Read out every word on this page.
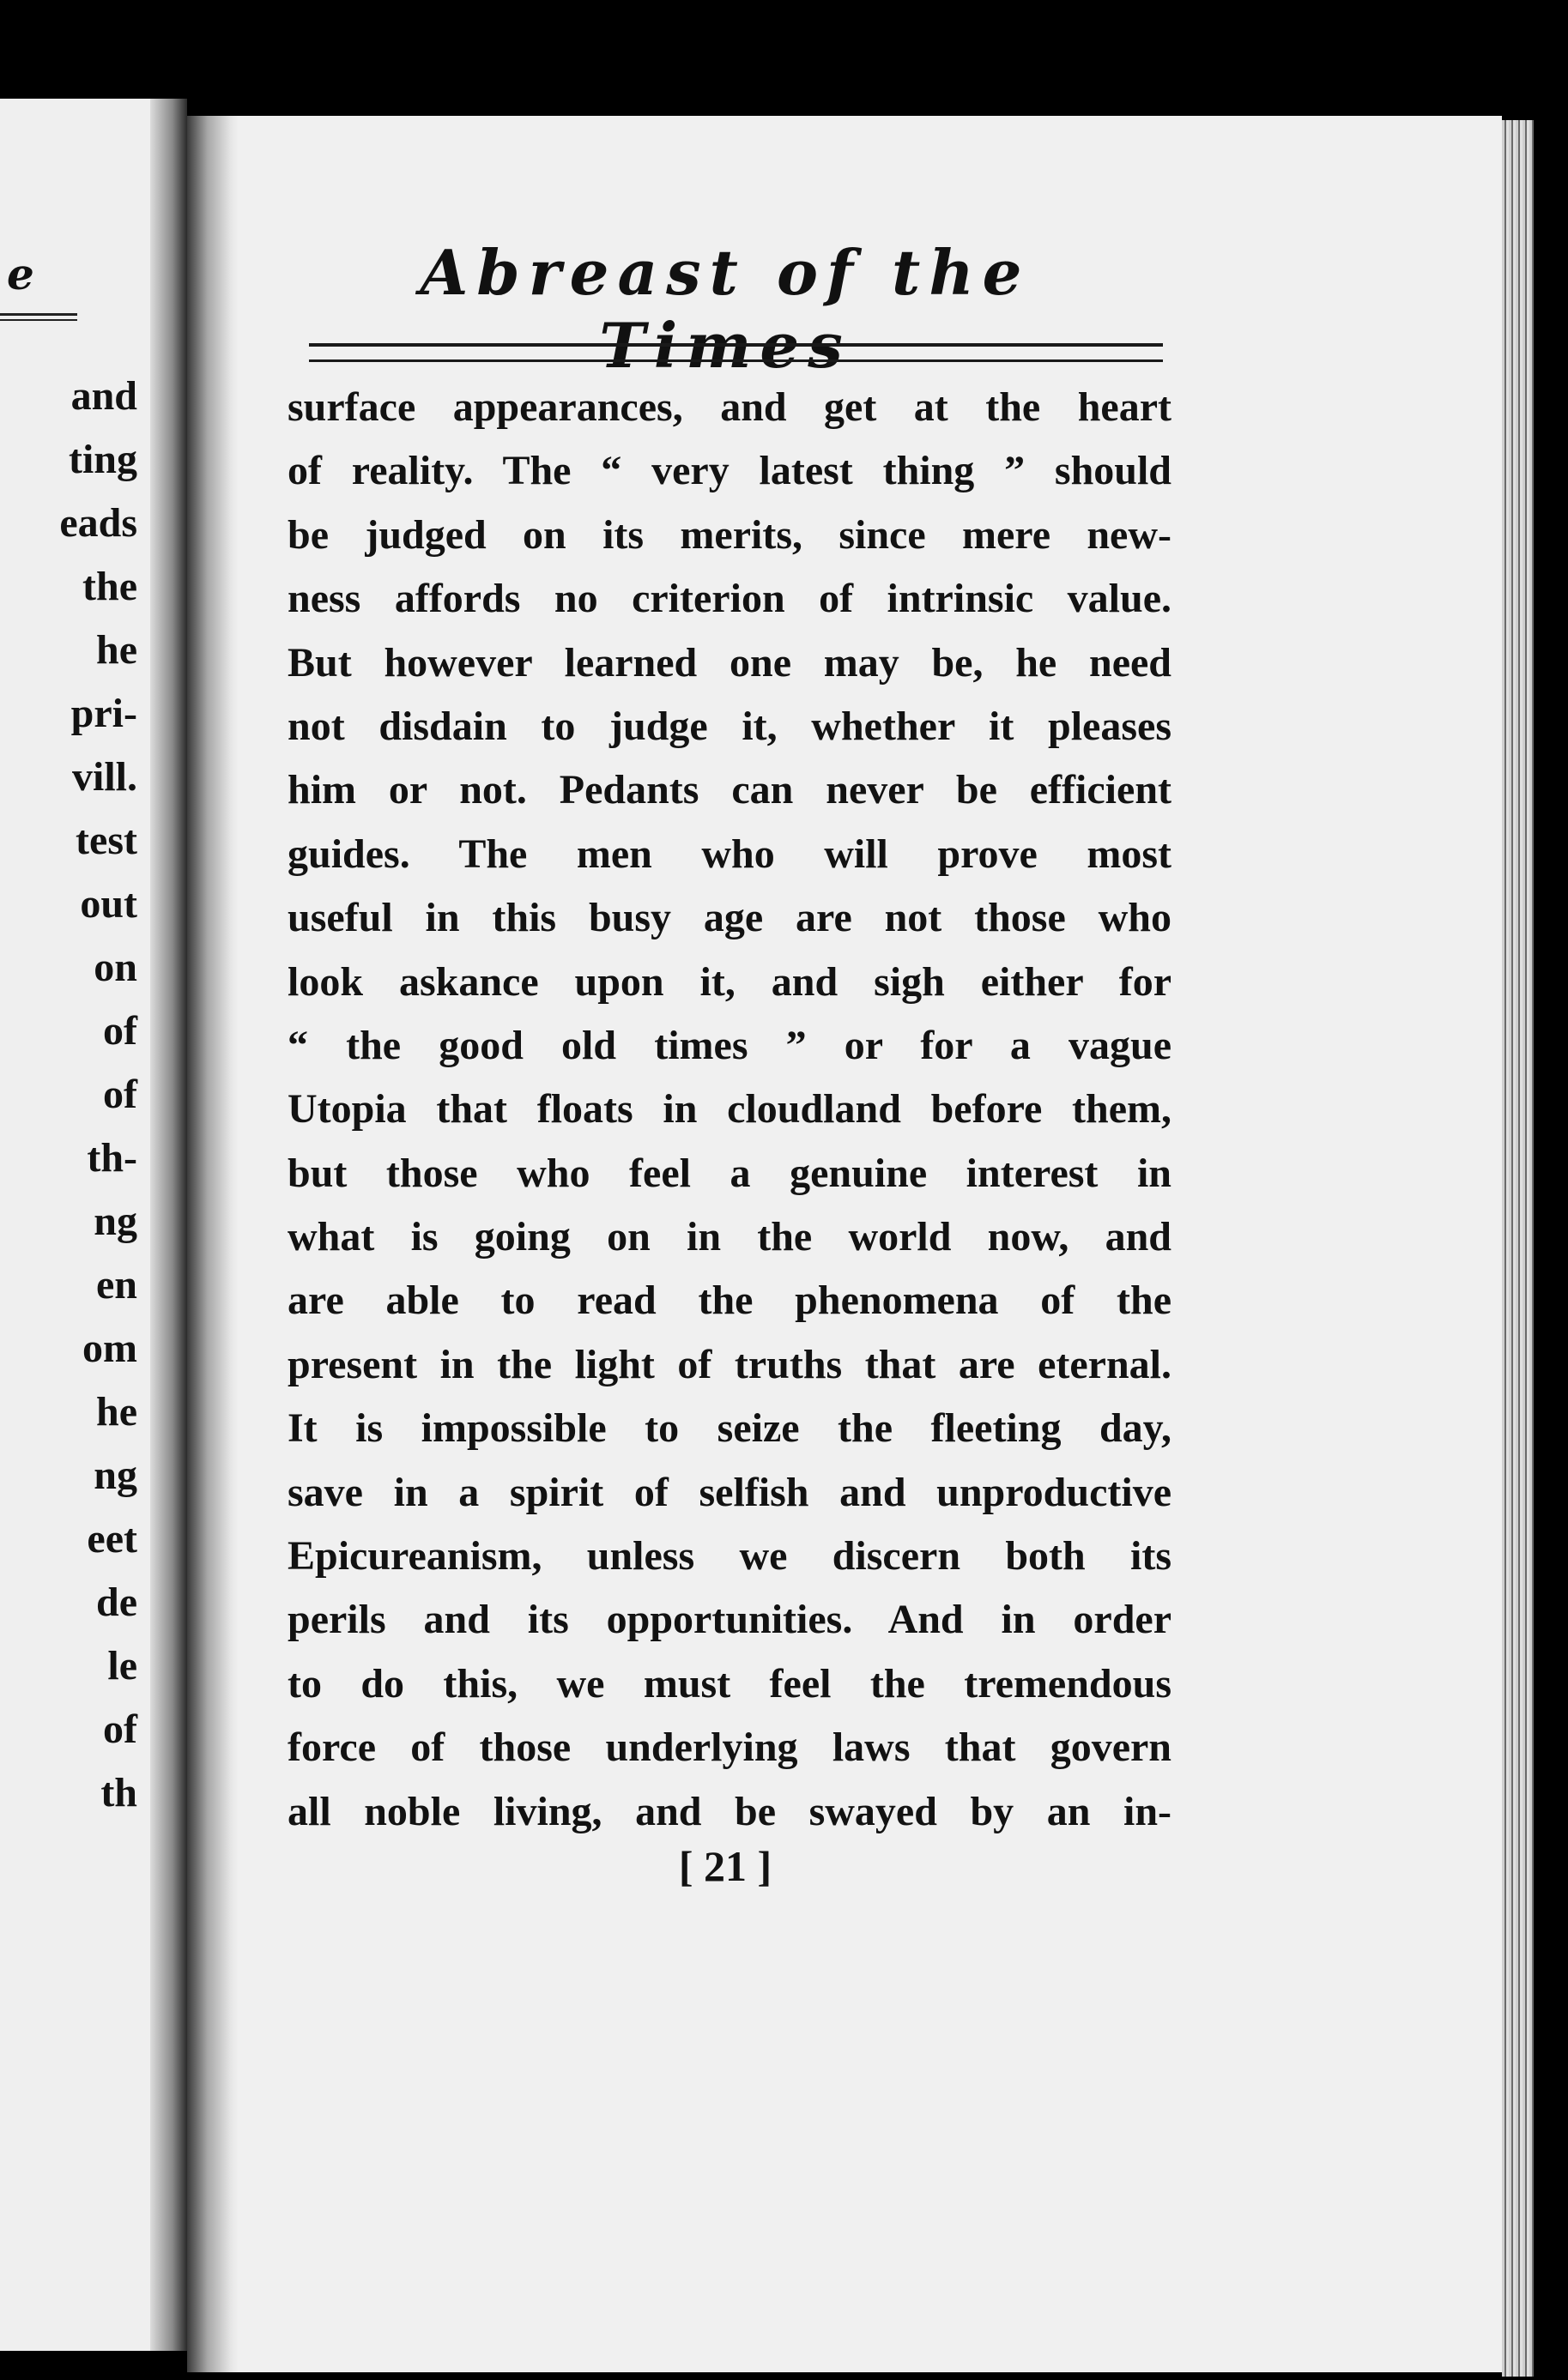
e

and
ting
eads
the
he
pri-
vill.
test
out
on
of
of
th-
ng
en
om
he
ng
eet
de
le
of
th
Abreast of the Times
surface appearances, and get at the heart
of reality. The “ very latest thing ” should
be judged on its merits, since mere new-
ness affords no criterion of intrinsic value.
But however learned one may be, he need
not disdain to judge it, whether it pleases
him or not. Pedants can never be efficient
guides. The men who will prove most
useful in this busy age are not those who
look askance upon it, and sigh either for
“ the good old times ” or for a vague
Utopia that floats in cloudland before them,
but those who feel a genuine interest in
what is going on in the world now, and
are able to read the phenomena of the
present in the light of truths that are eternal.
It is impossible to seize the fleeting day,
save in a spirit of selfish and unproductive
Epicureanism, unless we discern both its
perils and its opportunities. And in order
to do this, we must feel the tremendous
force of those underlying laws that govern
all noble living, and be swayed by an in-

[ 21 ]
